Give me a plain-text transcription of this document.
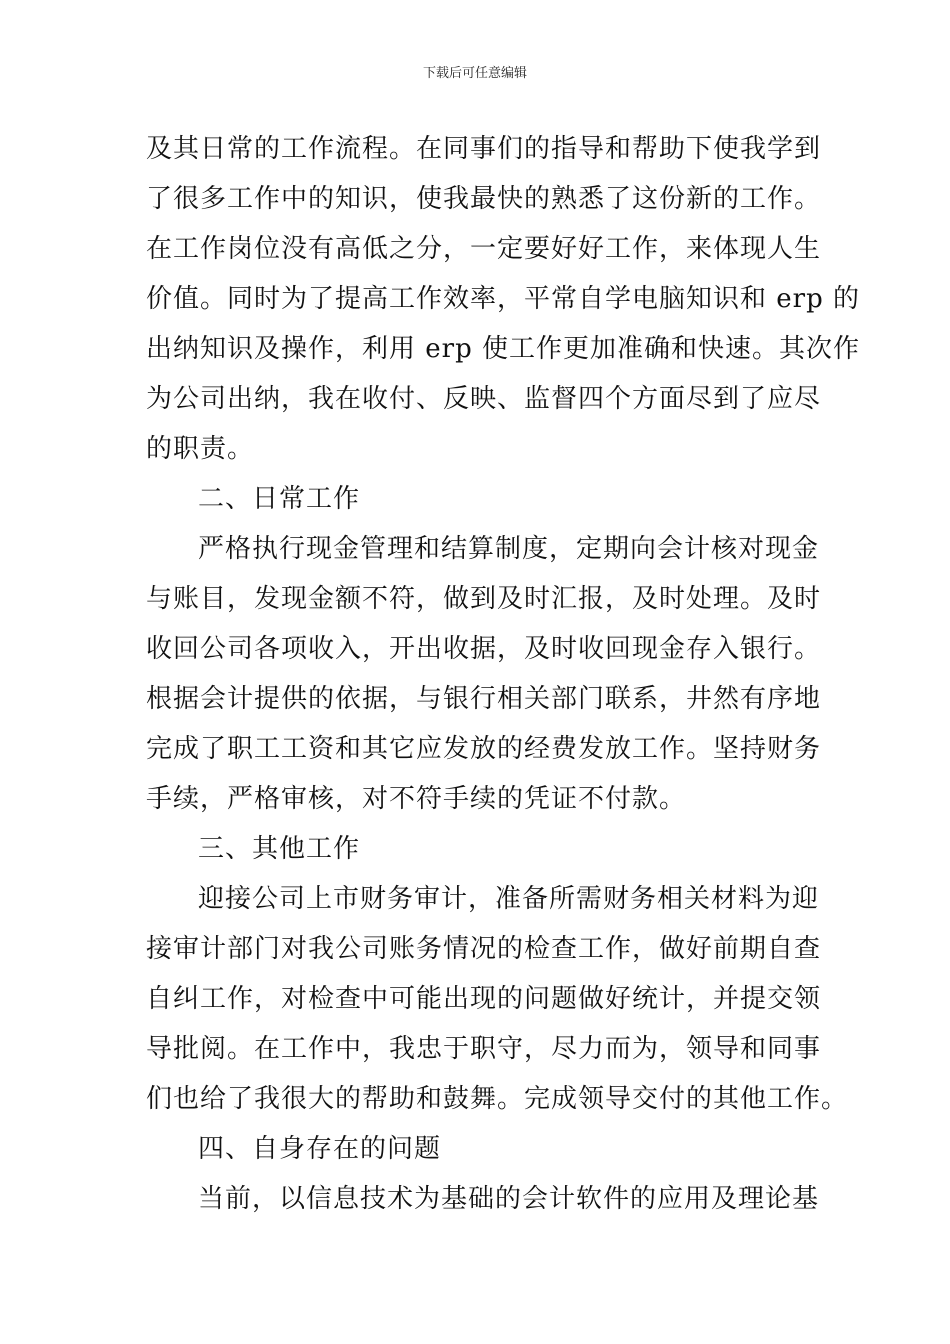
下载后可任意编辑
及其日常的工作流程。在同事们的指导和帮助下使我学到
了很多工作中的知识，使我最快的熟悉了这份新的工作。
在工作岗位没有高低之分，一定要好好工作，来体现人生
价值。同时为了提高工作效率，平常自学电脑知识和 erp 的
出纳知识及操作，利用 erp 使工作更加准确和快速。其次作
为公司出纳，我在收付、反映、监督四个方面尽到了应尽
的职责。
二、日常工作
严格执行现金管理和结算制度，定期向会计核对现金
与账目，发现金额不符，做到及时汇报，及时处理。及时
收回公司各项收入，开出收据，及时收回现金存入银行。
根据会计提供的依据，与银行相关部门联系，井然有序地
完成了职工工资和其它应发放的经费发放工作。坚持财务
手续，严格审核，对不符手续的凭证不付款。
三、其他工作
迎接公司上市财务审计，准备所需财务相关材料为迎
接审计部门对我公司账务情况的检查工作，做好前期自查
自纠工作，对检查中可能出现的问题做好统计，并提交领
导批阅。在工作中，我忠于职守，尽力而为，领导和同事
们也给了我很大的帮助和鼓舞。完成领导交付的其他工作。
四、自身存在的问题
当前，以信息技术为基础的会计软件的应用及理论基
